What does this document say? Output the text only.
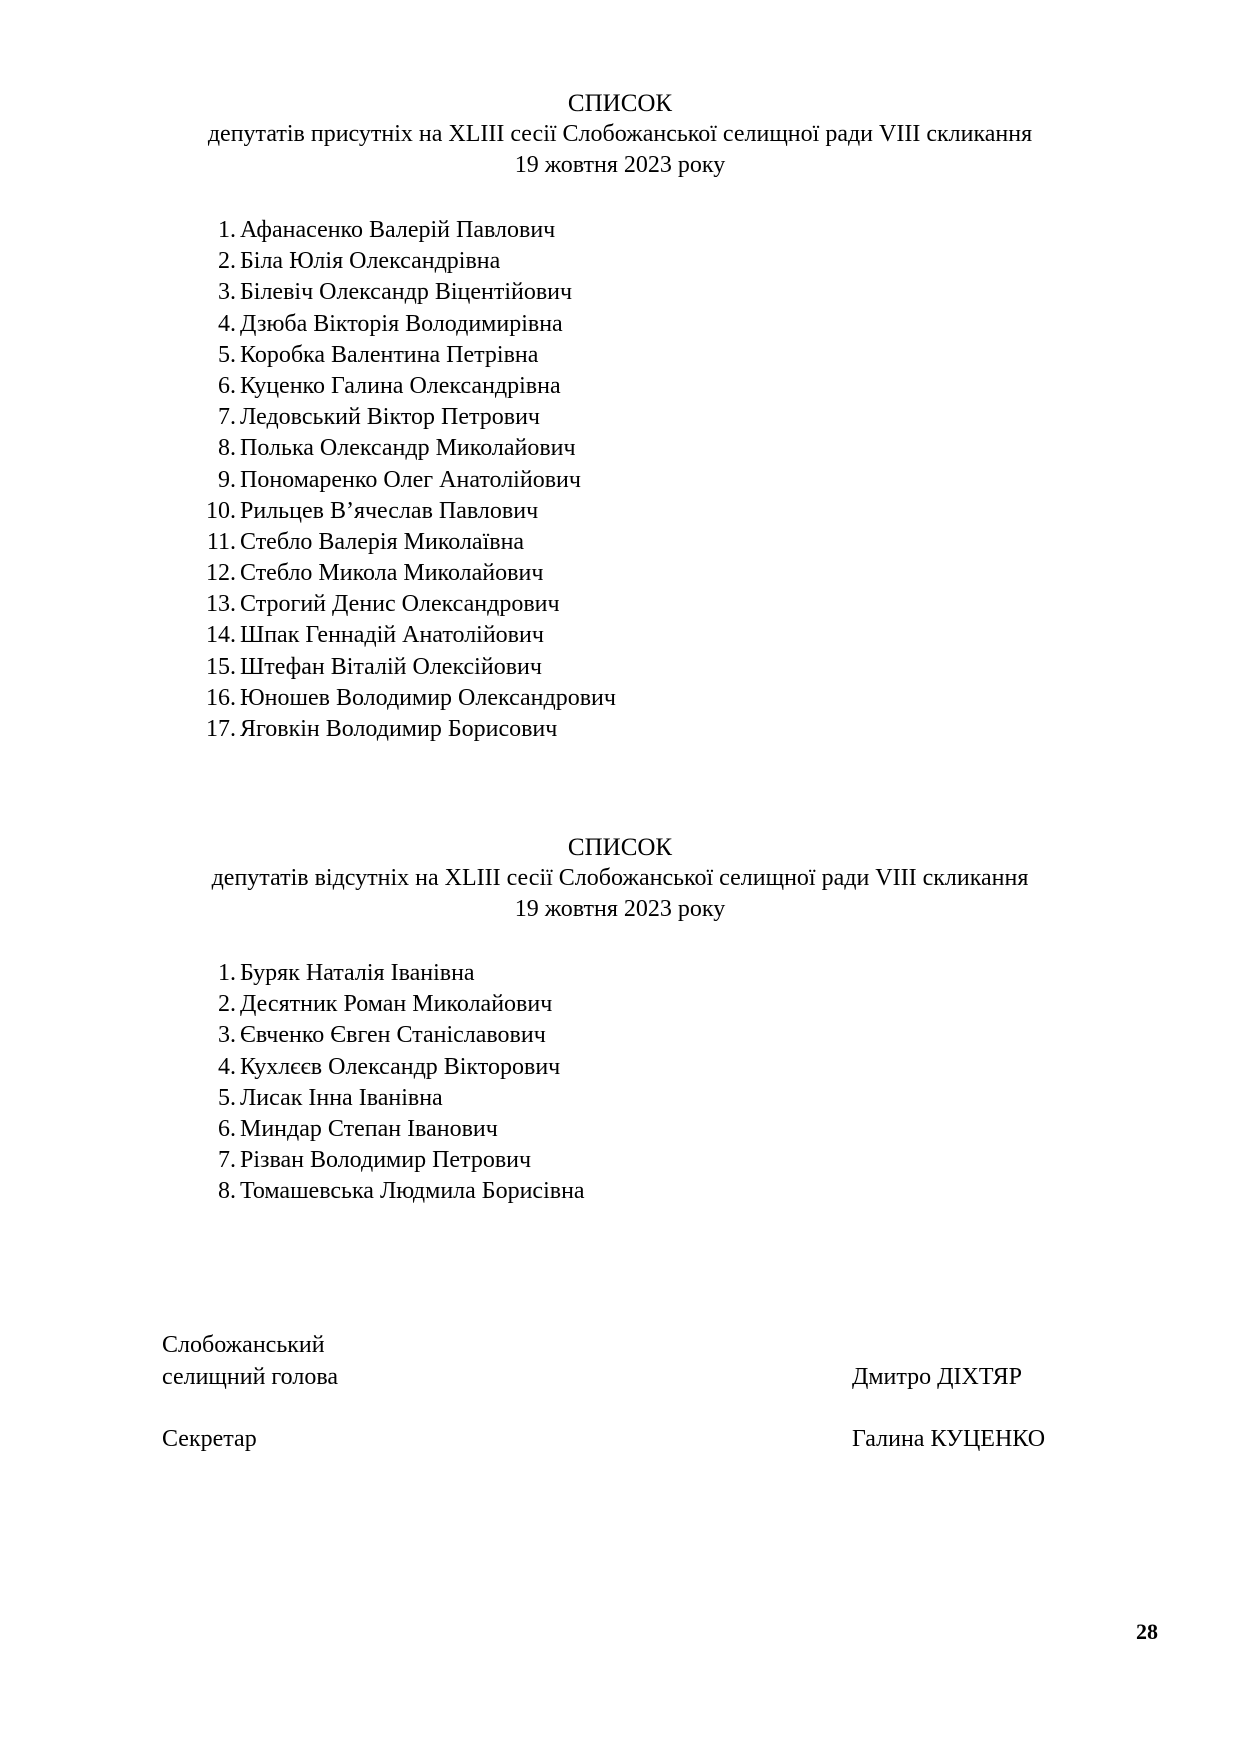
СПИСОК
депутатів присутніх на XLIII сесії Слобожанської селищної ради VIII скликання
19 жовтня 2023 року
1. Афанасенко Валерій Павлович
2. Біла Юлія Олександрівна
3. Білевіч Олександр Віцентійович
4. Дзюба Вікторія Володимирівна
5. Коробка Валентина Петрівна
6. Куценко Галина Олександрівна
7. Ледовський Віктор Петрович
8. Полька Олександр Миколайович
9. Пономаренко Олег Анатолійович
10. Рильцев В’ячеслав Павлович
11. Стебло Валерія Миколаївна
12. Стебло Микола Миколайович
13. Строгий Денис Олександрович
14. Шпак Геннадій Анатолійович
15. Штефан Віталій Олексійович
16. Юношев Володимир Олександрович
17. Яговкін Володимир Борисович
СПИСОК
депутатів відсутніх на XLIII сесії Слобожанської селищної ради VIII скликання
19 жовтня 2023 року
1. Буряк Наталія Іванівна
2. Десятник Роман Миколайович
3. Євченко Євген Станіславович
4. Кухлєєв Олександр Вікторович
5. Лисак Інна Іванівна
6. Миндар Степан Іванович
7. Різван Володимир Петрович
8. Томашевська Людмила Борисівна
Слобожанський
селищний голова	Дмитро ДІХТЯР
Секретар	Галина КУЦЕНКО
28
